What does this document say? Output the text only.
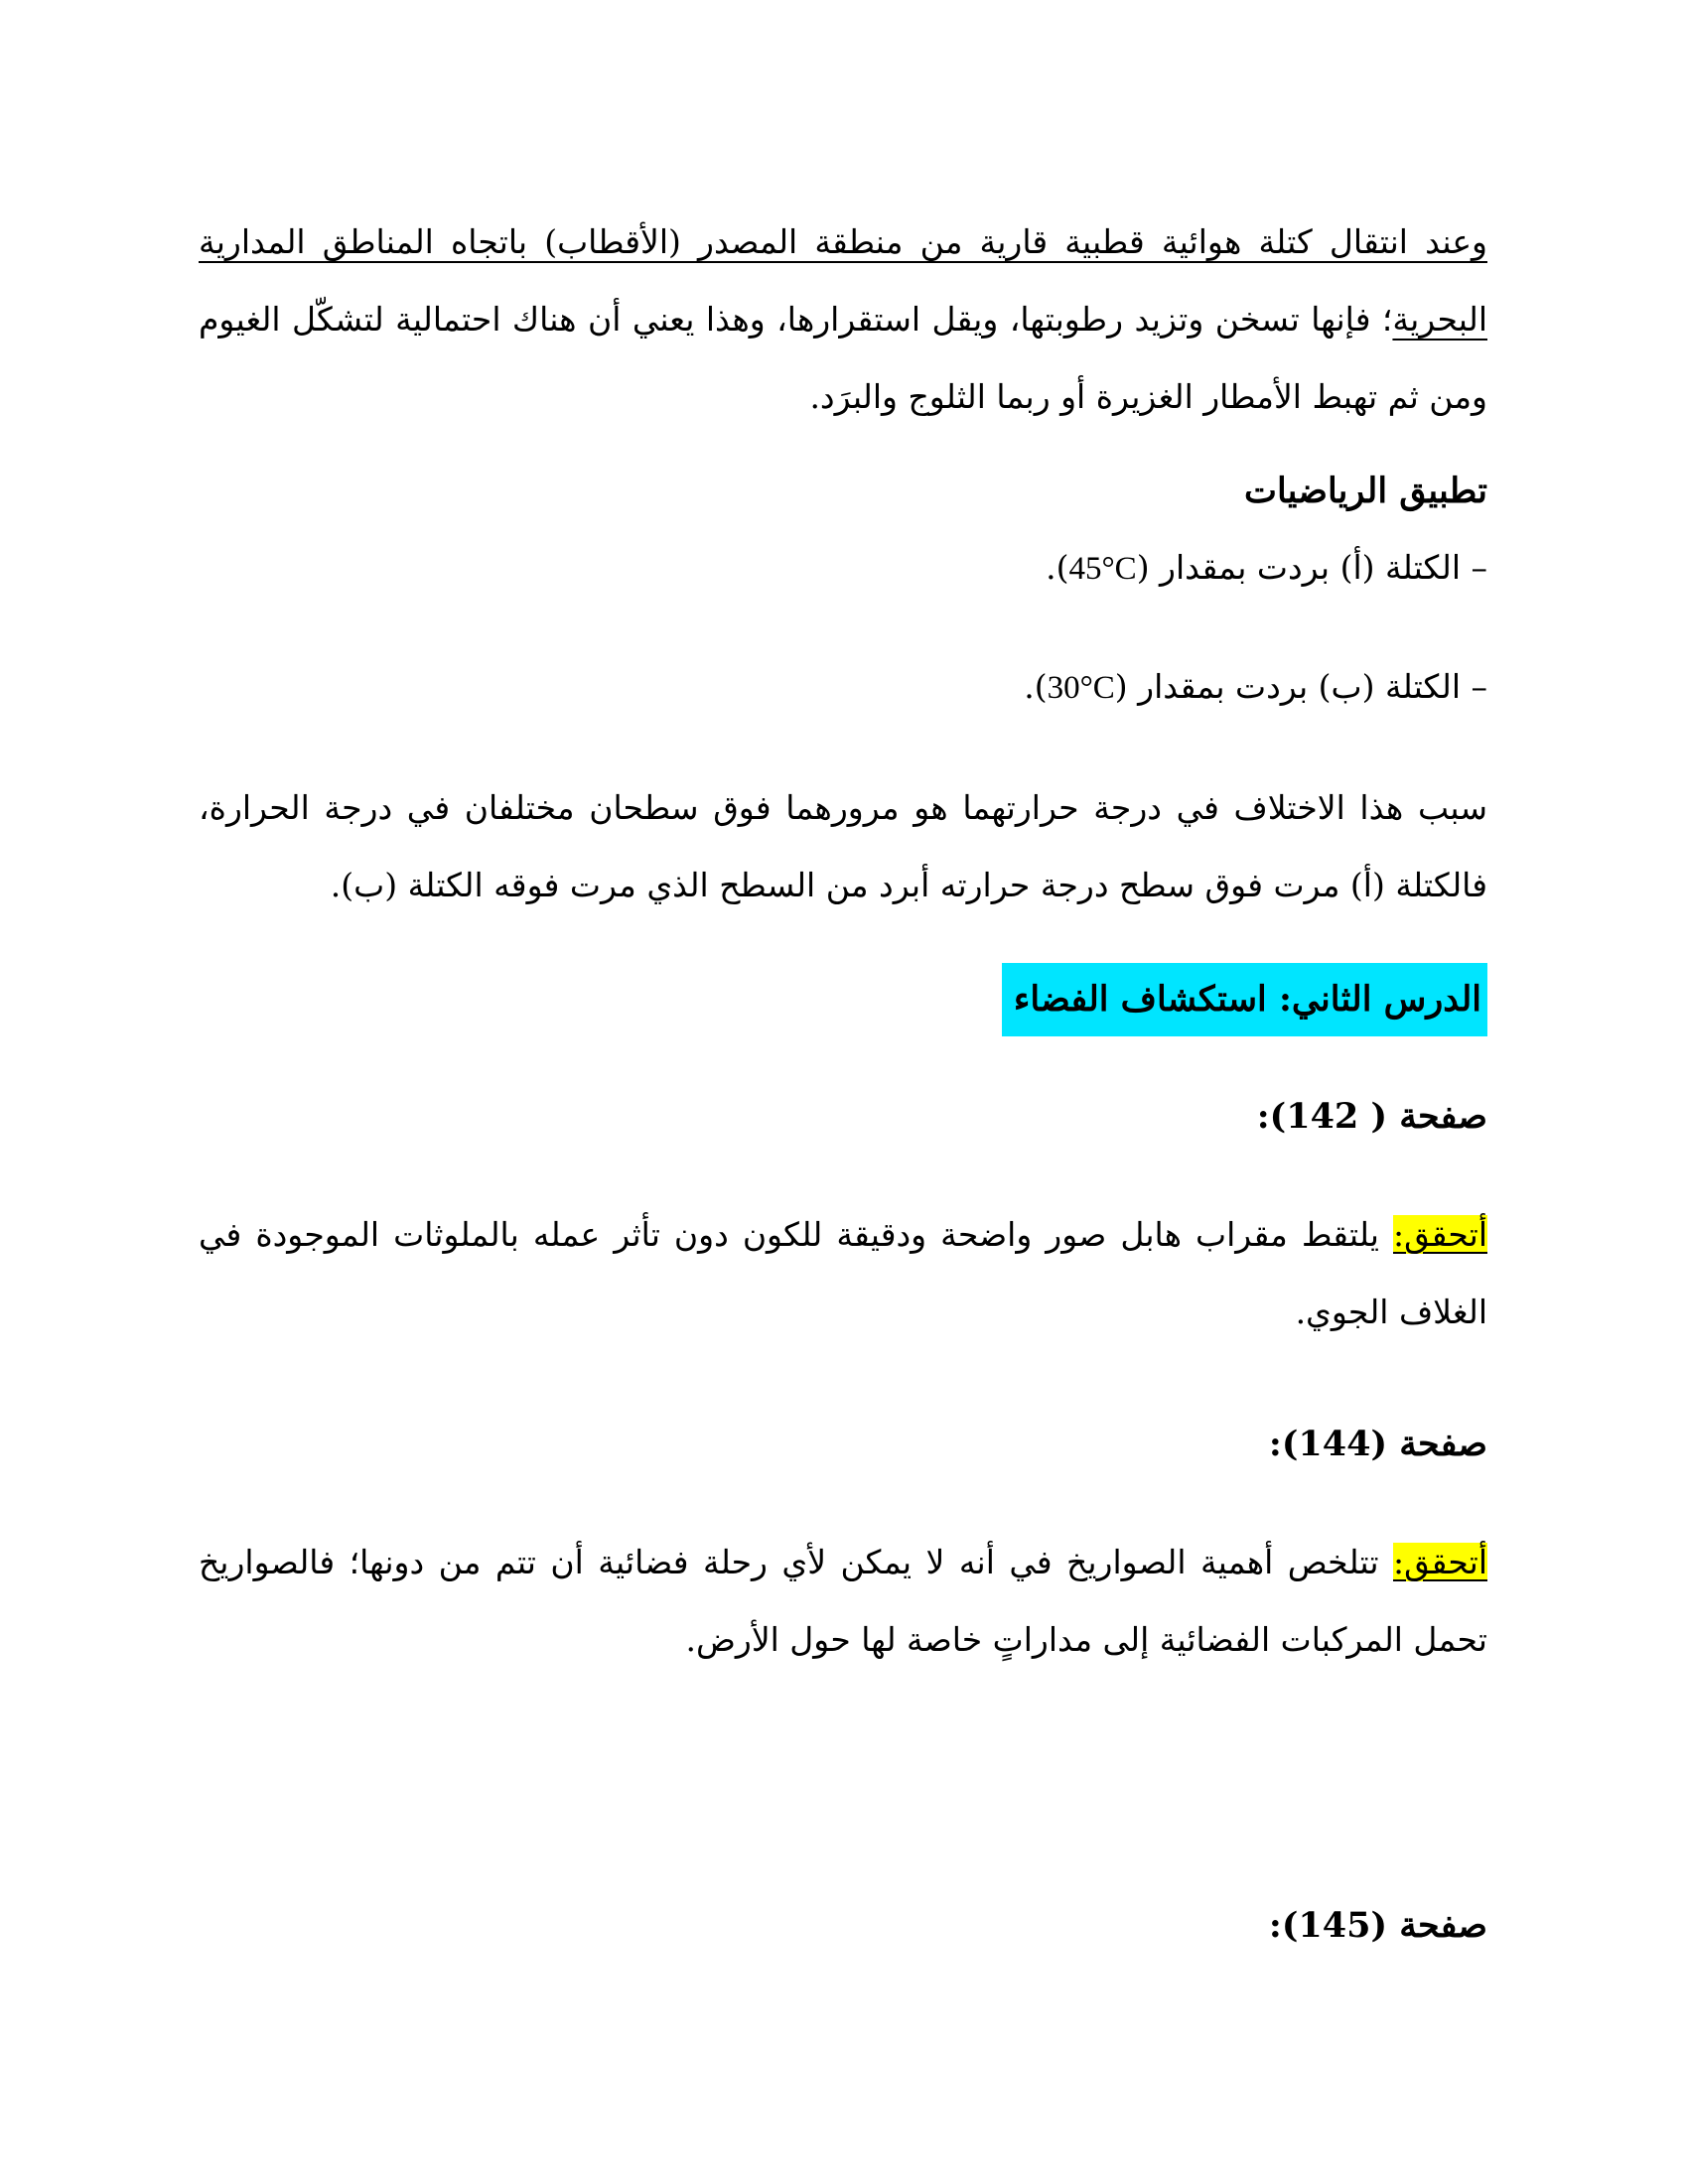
وعند انتقال كتلة هوائية قطبية قارية من منطقة المصدر (الأقطاب) باتجاه المناطق المدارية
البحرية؛ فإنها تسخن وتزيد رطوبتها، ويقل استقرارها، وهذا يعني أن هناك احتمالية لتشكّل الغيوم
ومن ثم تهبط الأمطار الغزيرة أو ربما الثلوج والبرَد.
تطبيق الرياضيات
– الكتلة (أ) بردت بمقدار (45°C).
– الكتلة (ب) بردت بمقدار (30°C).
سبب هذا الاختلاف في درجة حرارتهما هو مرورهما فوق سطحان مختلفان في درجة الحرارة،
فالكتلة (أ) مرت فوق سطح درجة حرارته أبرد من السطح الذي مرت فوقه الكتلة (ب).
الدرس الثاني: استكشاف الفضاء
صفحة ( 142):
أتحقق: يلتقط مقراب هابل صور واضحة ودقيقة للكون دون تأثر عمله بالملوثات الموجودة في
الغلاف الجوي.
صفحة (144):
أتحقق: تتلخص أهمية الصواريخ في أنه لا يمكن لأي رحلة فضائية أن تتم من دونها؛ فالصواريخ
تحمل المركبات الفضائية إلى مداراتٍ خاصة لها حول الأرض.
صفحة (145):
